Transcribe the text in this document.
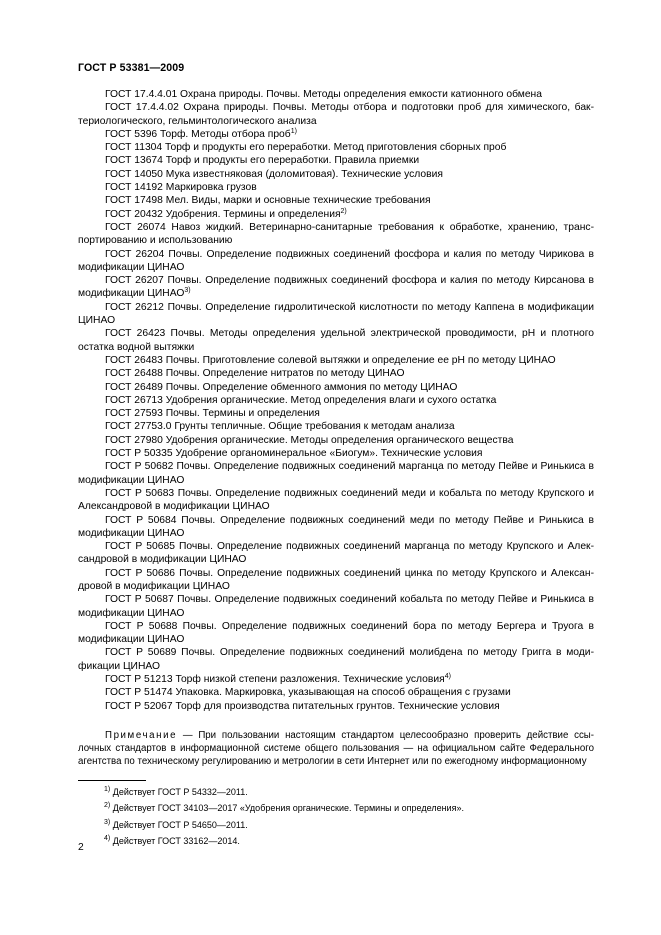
ГОСТ Р 53381—2009

ГОСТ 17.4.4.01 Охрана природы. Почвы. Методы определения емкости катионного обмена

ГОСТ 17.4.4.02 Охрана природы. Почвы. Методы отбора и подготовки проб для химического, бактериологического, гельминтологического анализа

ГОСТ 5396 Торф. Методы отбора проб$^{1)}$

ГОСТ 11304 Торф и продукты его переработки. Метод приготовления сборных проб

ГОСТ 13674 Торф и продукты его переработки. Правила приемки

ГОСТ 14050 Мука известняковая (доломитовая). Технические условия

ГОСТ 14192 Маркировка грузов

ГОСТ 17498 Мел. Виды, марки и основные технические требования

ГОСТ 20432 Удобрения. Термины и определения$^{2)}$

ГОСТ 26074 Навоз жидкий. Ветеринарно-санитарные требования к обработке, хранению, транспортированию и использованию

ГОСТ 26204 Почвы. Определение подвижных соединений фосфора и калия по методу Чирикова в модификации ЦИНАО

ГОСТ 26207 Почвы. Определение подвижных соединений фосфора и калия по методу Кирсанова в модификации ЦИНАО$^{3)}$

ГОСТ 26212 Почвы. Определение гидролитической кислотности по методу Каппена в модификации ЦИНАО

ГОСТ 26423 Почвы. Методы определения удельной электрической проводимости, pH и плотного остатка водной вытяжки

ГОСТ 26483 Почвы. Приготовление солевой вытяжки и определение ее pH по методу ЦИНАО

ГОСТ 26488 Почвы. Определение нитратов по методу ЦИНАО

ГОСТ 26489 Почвы. Определение обменного аммония по методу ЦИНАО

ГОСТ 26713 Удобрения органические. Метод определения влаги и сухого остатка

ГОСТ 27593 Почвы. Термины и определения

ГОСТ 27753.0 Грунты тепличные. Общие требования к методам анализа

ГОСТ 27980 Удобрения органические. Методы определения органического вещества

ГОСТ Р 50335 Удобрение органоминеральное «Биогум». Технические условия

ГОСТ Р 50682 Почвы. Определение подвижных соединений марганца по методу Пейве и Ринькиса в модификации ЦИНАО

ГОСТ Р 50683 Почвы. Определение подвижных соединений меди и кобальта по методу Крупского и Александровой в модификации ЦИНАО

ГОСТ Р 50684 Почвы. Определение подвижных соединений меди по методу Пейве и Ринькиса в модификации ЦИНАО

ГОСТ Р 50685 Почвы. Определение подвижных соединений марганца по методу Крупского и Александровой в модификации ЦИНАО

ГОСТ Р 50686 Почвы. Определение подвижных соединений цинка по методу Крупского и Александровой в модификации ЦИНАО

ГОСТ Р 50687 Почвы. Определение подвижных соединений кобальта по методу Пейве и Ринькиса в модификации ЦИНАО

ГОСТ Р 50688 Почвы. Определение подвижных соединений бора по методу Бергера и Труога в модификации ЦИНАО

ГОСТ Р 50689 Почвы. Определение подвижных соединений молибдена по методу Григга в модификации ЦИНАО

ГОСТ Р 51213 Торф низкой степени разложения. Технические условия$^{4)}$

ГОСТ Р 51474 Упаковка. Маркировка, указывающая на способ обращения с грузами

ГОСТ Р 52067 Торф для производства питательных грунтов. Технические условия

Примечание — При пользовании настоящим стандартом целесообразно проверить действие ссылочных стандартов в информационной системе общего пользования — на официальном сайте Федерального агентства по техническому регулированию и метрологии в сети Интернет или по ежегодному информационному

$^{1)}$ Действует ГОСТ Р 54332—2011.

$^{2)}$ Действует ГОСТ 34103—2017 «Удобрения органические. Термины и определения».

$^{3)}$ Действует ГОСТ Р 54650—2011.

$^{4)}$ Действует ГОСТ 33162—2014.

2
